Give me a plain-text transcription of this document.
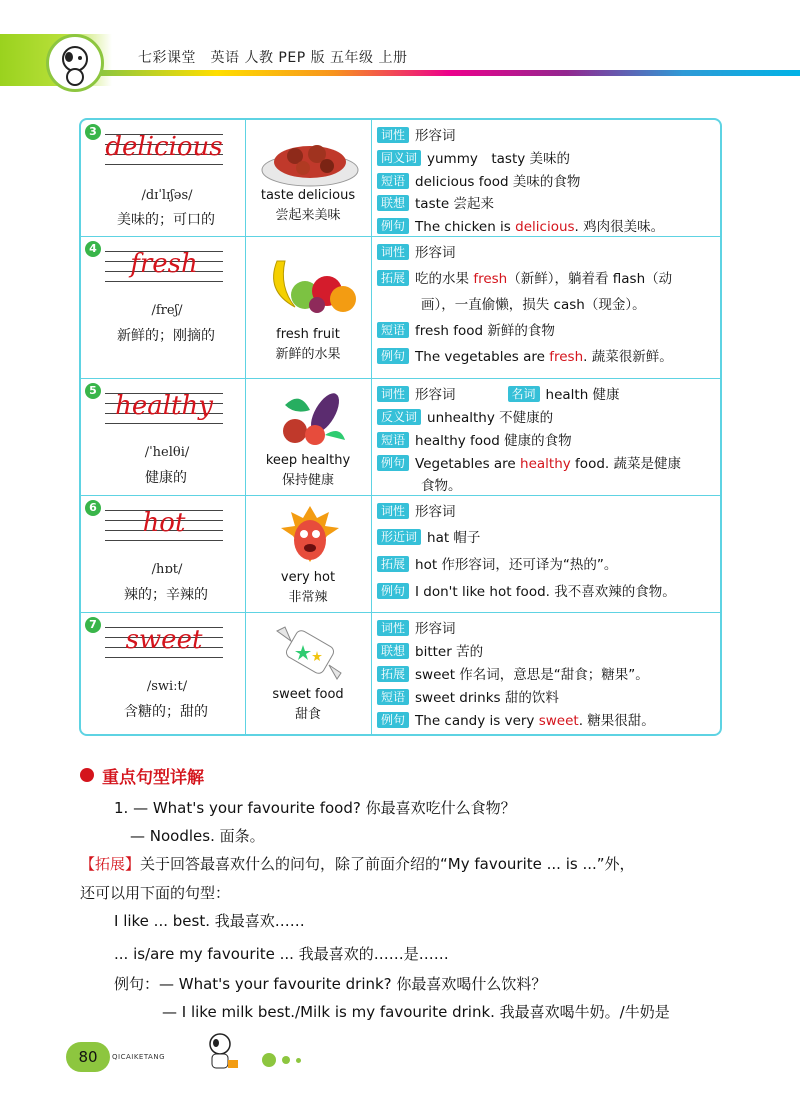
七彩课堂　英语 人教 PEP 版 五年级 上册
3
delicious
/dɪˈlɪʃəs/
美味的；可口的
taste delicious
尝起来美味
词性 形容词
同义词 yummy　tasty 美味的
短语 delicious food 美味的食物
联想 taste 尝起来
例句 The chicken is delicious. 鸡肉很美味。
4
fresh
/freʃ/
新鲜的；刚摘的	fresh fruit
新鲜的水果
词性 形容词
拓展 吃的水果 fresh（新鲜），躺着看 flash（动
画），一直偷懒，损失 cash（现金）。
短语 fresh food 新鲜的食物
例句 The vegetables are fresh. 蔬菜很新鲜。
5
healthy
/ˈhelθi/
健康的
keep healthy
保持健康
词性 形容词	名词 health 健康
反义词 unhealthy 不健康的
短语 healthy food 健康的食物
例句 Vegetables are healthy food. 蔬菜是健康
食物。
6
hot
/hɒt/
辣的；辛辣的
very hot
非常辣
词性 形容词
形近词 hat 帽子
拓展 hot 作形容词，还可译为“热的”。
例句 I don't like hot food. 我不喜欢辣的食物。
7
sweet
/swiːt/
含糖的；甜的
sweet food
甜食
词性 形容词
联想 bitter 苦的
拓展 sweet 作名词，意思是“甜食；糖果”。
短语 sweet drinks 甜的饮料
例句 The candy is very sweet. 糖果很甜。
重点句型详解
1. — What's your favourite food? 你最喜欢吃什么食物？
— Noodles. 面条。
【拓展】关于回答最喜欢什么的问句，除了前面介绍的“My favourite ... is ...”外，
还可以用下面的句型：
I like ... best. 我最喜欢……
... is/are my favourite ... 我最喜欢的……是……
例句：— What's your favourite drink? 你最喜欢喝什么饮料？
— I like milk best./Milk is my favourite drink. 我最喜欢喝牛奶。/牛奶是
80	QICAIKETANG
